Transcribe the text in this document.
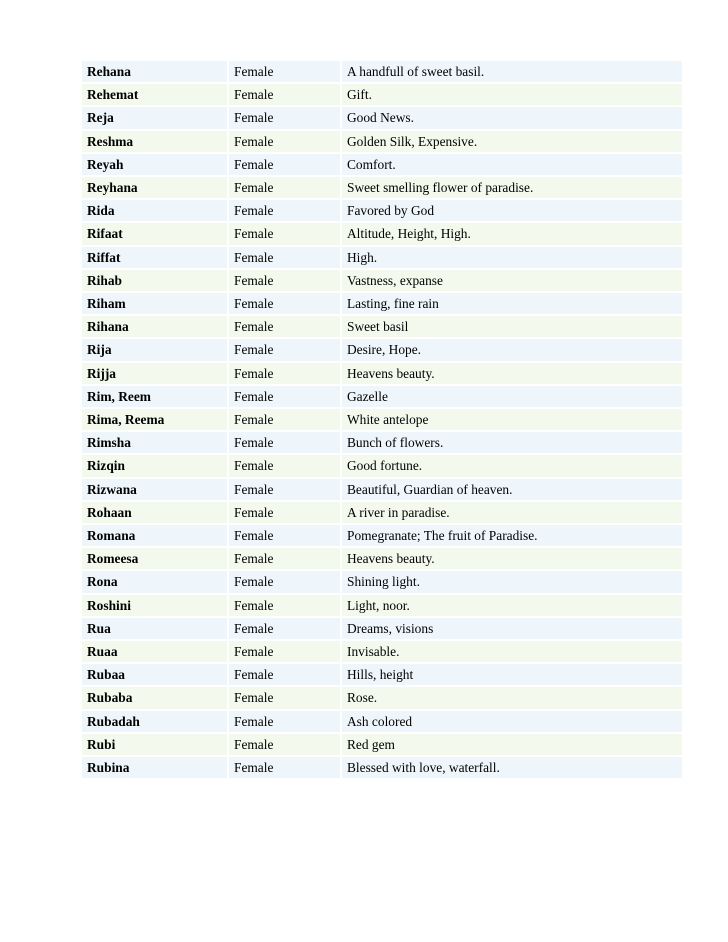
Rehana	Female	A handfull of sweet basil.
Rehemat	Female	Gift.
Reja	Female	Good News.
Reshma	Female	Golden Silk, Expensive.
Reyah	Female	Comfort.
Reyhana	Female	Sweet smelling flower of paradise.
Rida	Female	Favored by God
Rifaat	Female	Altitude, Height, High.
Riffat	Female	High.
Rihab	Female	Vastness, expanse
Riham	Female	Lasting, fine rain
Rihana	Female	Sweet basil
Rija	Female	Desire, Hope.
Rijja	Female	Heavens beauty.
Rim, Reem	Female	Gazelle
Rima, Reema	Female	White antelope
Rimsha	Female	Bunch of flowers.
Rizqin	Female	Good fortune.
Rizwana	Female	Beautiful, Guardian of heaven.
Rohaan	Female	A river in paradise.
Romana	Female	Pomegranate; The fruit of Paradise.
Romeesa	Female	Heavens beauty.
Rona	Female	Shining light.
Roshini	Female	Light, noor.
Rua	Female	Dreams, visions
Ruaa	Female	Invisable.
Rubaa	Female	Hills, height
Rubaba	Female	Rose.
Rubadah	Female	Ash colored
Rubi	Female	Red gem
Rubina	Female	Blessed with love, waterfall.
